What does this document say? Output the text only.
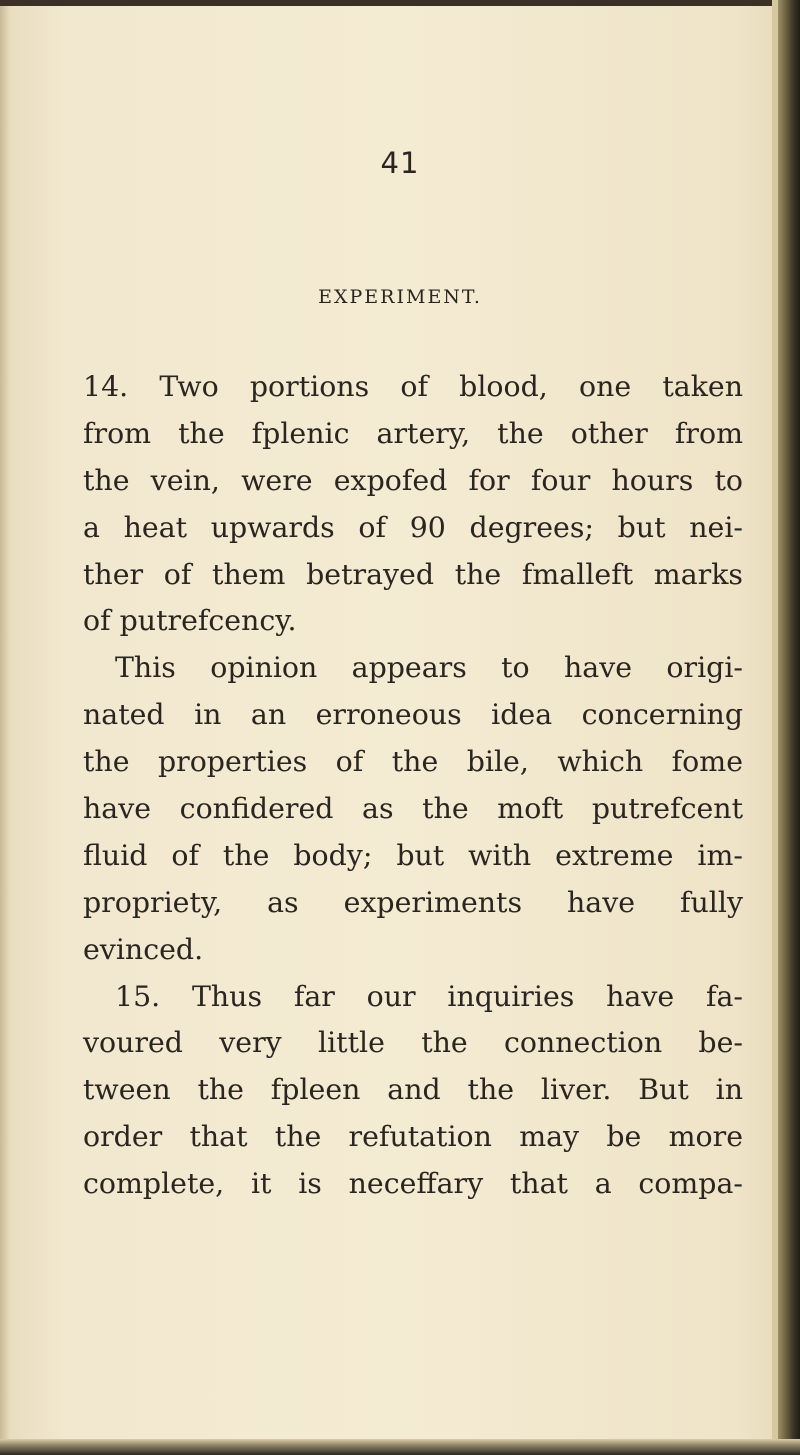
41
EXPERIMENT.
14. Two portions of blood, one taken
from the fplenic artery, the other from
the vein, were expofed for four hours to
a heat upwards of 90 degrees; but nei-
ther of them betrayed the fmalleft marks
of putrefcency.
This opinion appears to have origi-
nated in an erroneous idea concerning
the properties of the bile, which fome
have confidered as the moft putrefcent
fluid of the body; but with extreme im-
propriety, as experiments have fully
evinced.
15. Thus far our inquiries have fa-
voured very little the connection be-
tween the fpleen and the liver. But in
order that the refutation may be more
complete, it is neceffary that a compa-
